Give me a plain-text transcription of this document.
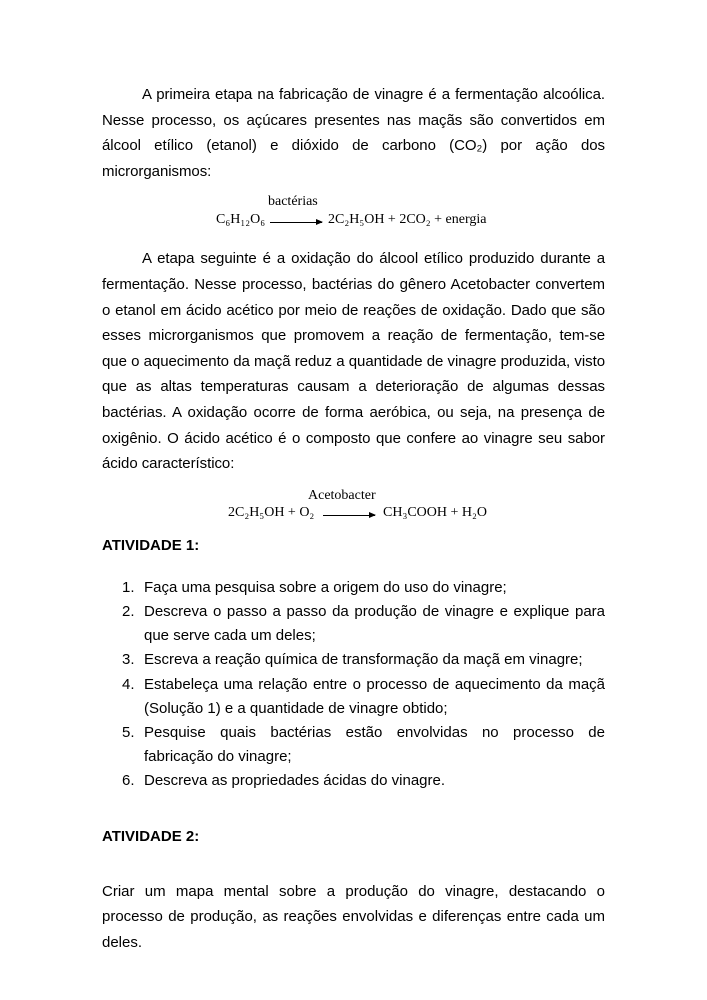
A primeira etapa na fabricação de vinagre é a fermentação alcoólica. Nesse processo, os açúcares presentes nas maçãs são convertidos em álcool etílico (etanol) e dióxido de carbono (CO₂) por ação dos microrganismos:

bactérias
C₆H₁₂O₆ → 2C₂H₅OH + 2CO₂ + energia

A etapa seguinte é a oxidação do álcool etílico produzido durante a fermentação. Nesse processo, bactérias do gênero Acetobacter convertem o etanol em ácido acético por meio de reações de oxidação. Dado que são esses microrganismos que promovem a reação de fermentação, tem-se que o aquecimento da maçã reduz a quantidade de vinagre produzida, visto que as altas temperaturas causam a deterioração de algumas dessas bactérias. A oxidação ocorre de forma aeróbica, ou seja, na presença de oxigênio. O ácido acético é o composto que confere ao vinagre seu sabor ácido característico:

Acetobacter
2C₂H₅OH + O₂ → CH₃COOH + H₂O
ATIVIDADE 1:
1. Faça uma pesquisa sobre a origem do uso do vinagre;
2. Descreva o passo a passo da produção de vinagre e explique para que serve cada um deles;
3. Escreva a reação química de transformação da maçã em vinagre;
4. Estabeleça uma relação entre o processo de aquecimento da maçã (Solução 1) e a quantidade de vinagre obtido;
5. Pesquise quais bactérias estão envolvidas no processo de fabricação do vinagre;
6. Descreva as propriedades ácidas do vinagre.
ATIVIDADE 2:

Criar um mapa mental sobre a produção do vinagre, destacando o processo de produção, as reações envolvidas e diferenças entre cada um deles.
